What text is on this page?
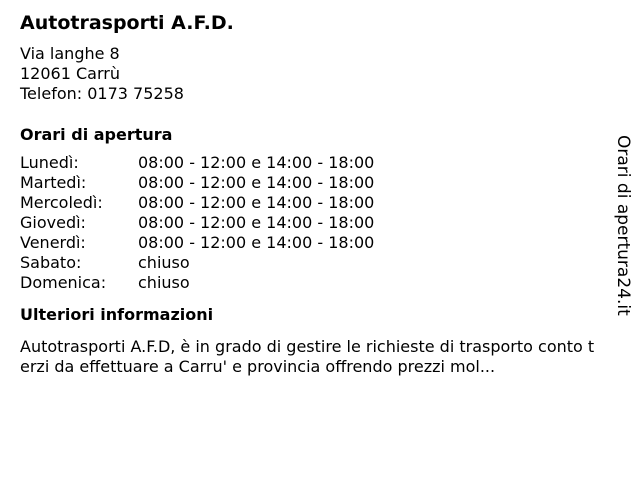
Autotrasporti A.F.D.
Via langhe 8
12061 Carrù
Telefon: 0173 75258
Orari di apertura
Lunedì:	08:00 - 12:00 e 14:00 - 18:00
Martedì:	08:00 - 12:00 e 14:00 - 18:00
Mercoledì: 08:00 - 12:00 e 14:00 - 18:00
Giovedì:	08:00 - 12:00 e 14:00 - 18:00
Venerdì:	08:00 - 12:00 e 14:00 - 18:00
Sabato:	chiuso
Domenica: chiuso
Ulteriori informazioni
Autotrasporti A.F.D, è in grado di gestire le richieste di trasporto conto terzi da effettuare a Carru' e provincia offrendo prezzi mol...
Orari di apertura24.it
